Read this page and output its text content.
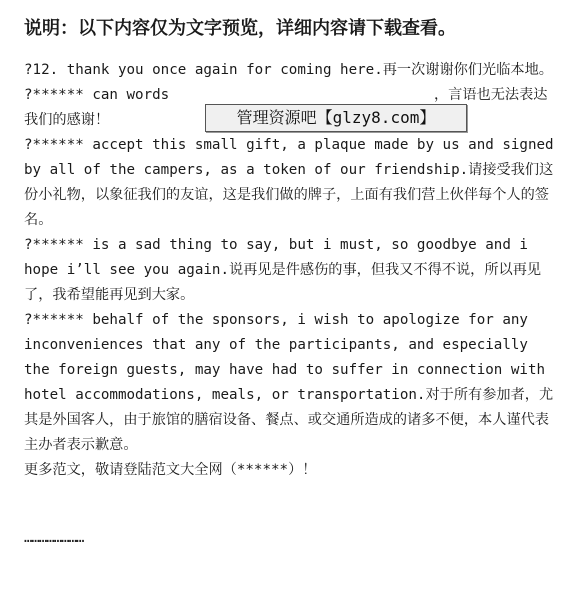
说明：以下内容仅为文字预览，详细内容请下载查看。

?12. thank you once again for coming here.再一次谢谢你们光临本地。

?****** can words                               ，言语也无法表达我们的感谢！

?****** accept this small gift, a plaque made by us and signed by all of the campers, as a token of our friendship.请接受我们这份小礼物，以象征我们的友谊，这是我们做的牌子，上面有我们营上伙伴每个人的签名。

?****** is a sad thing to say, but i must, so goodbye and i hope i’ll see you again.说再见是件感伤的事，但我又不得不说，所以再见了，我希望能再见到大家。

?****** behalf of the sponsors, i wish to apologize for any inconveniences that any of the participants, and especially the foreign guests, may have had to suffer in connection with hotel accommodations, meals, or transportation.对于所有参加者，尤其是外国客人，由于旅馆的膳宿设备、餐点、或交通所造成的诸多不便，本人谨代表主办者表示歉意。

更多范文，敬请登陆范文大全网（******）！

……………………
管理资源吧【glzy8.com】
